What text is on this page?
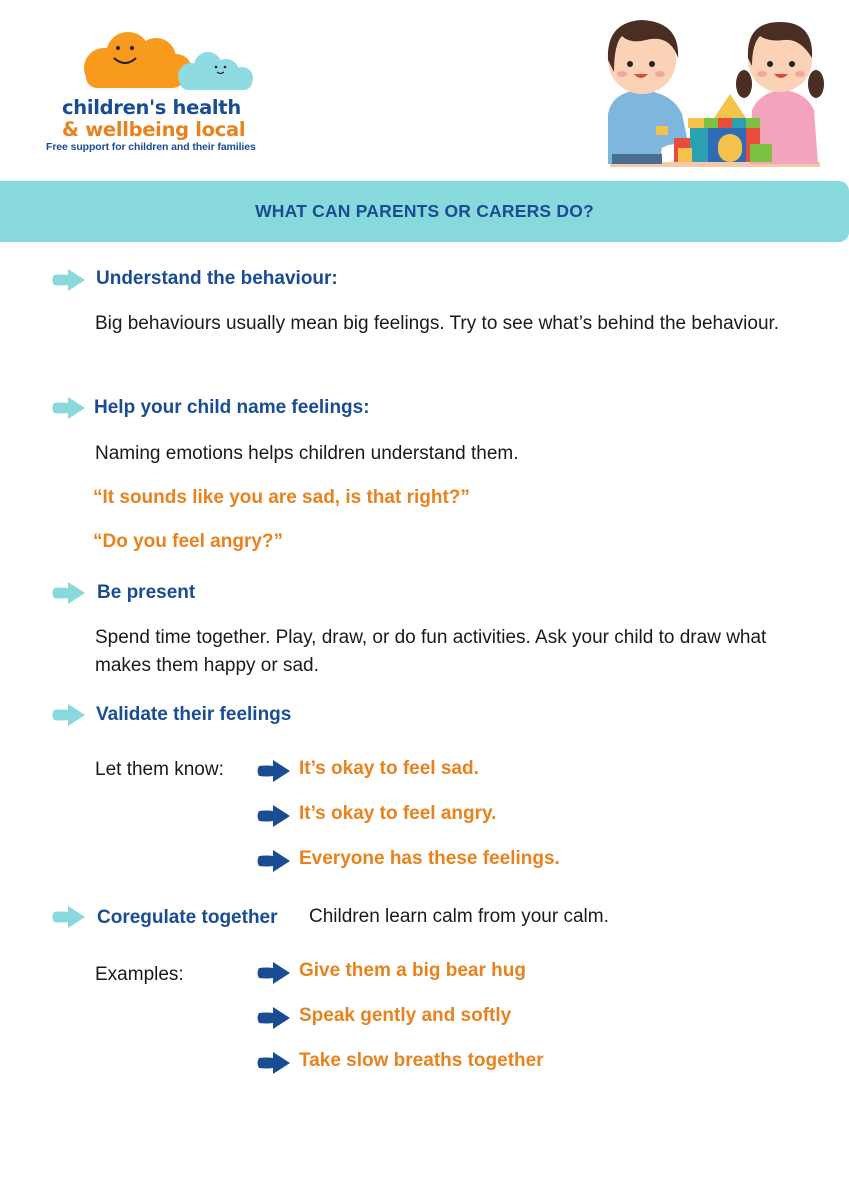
children's health
& wellbeing local
Free support for children and their families
WHAT CAN PARENTS OR CARERS DO?
Understand the behaviour:
Big behaviours usually mean big feelings. Try to see what’s behind the behaviour.
Help your child name feelings:
Naming emotions helps children understand them.
“It sounds like you are sad, is that right?”
“Do you feel angry?”
Be present
Spend time together. Play, draw, or do fun activities. Ask your child to draw what makes them happy or sad.
Validate their feelings
Let them know:	It’s okay to feel sad.
It’s okay to feel angry.
Everyone has these feelings.
Coregulate together Children learn calm from your calm.
Examples:	Give them a big bear hug
Speak gently and softly
Take slow breaths together
